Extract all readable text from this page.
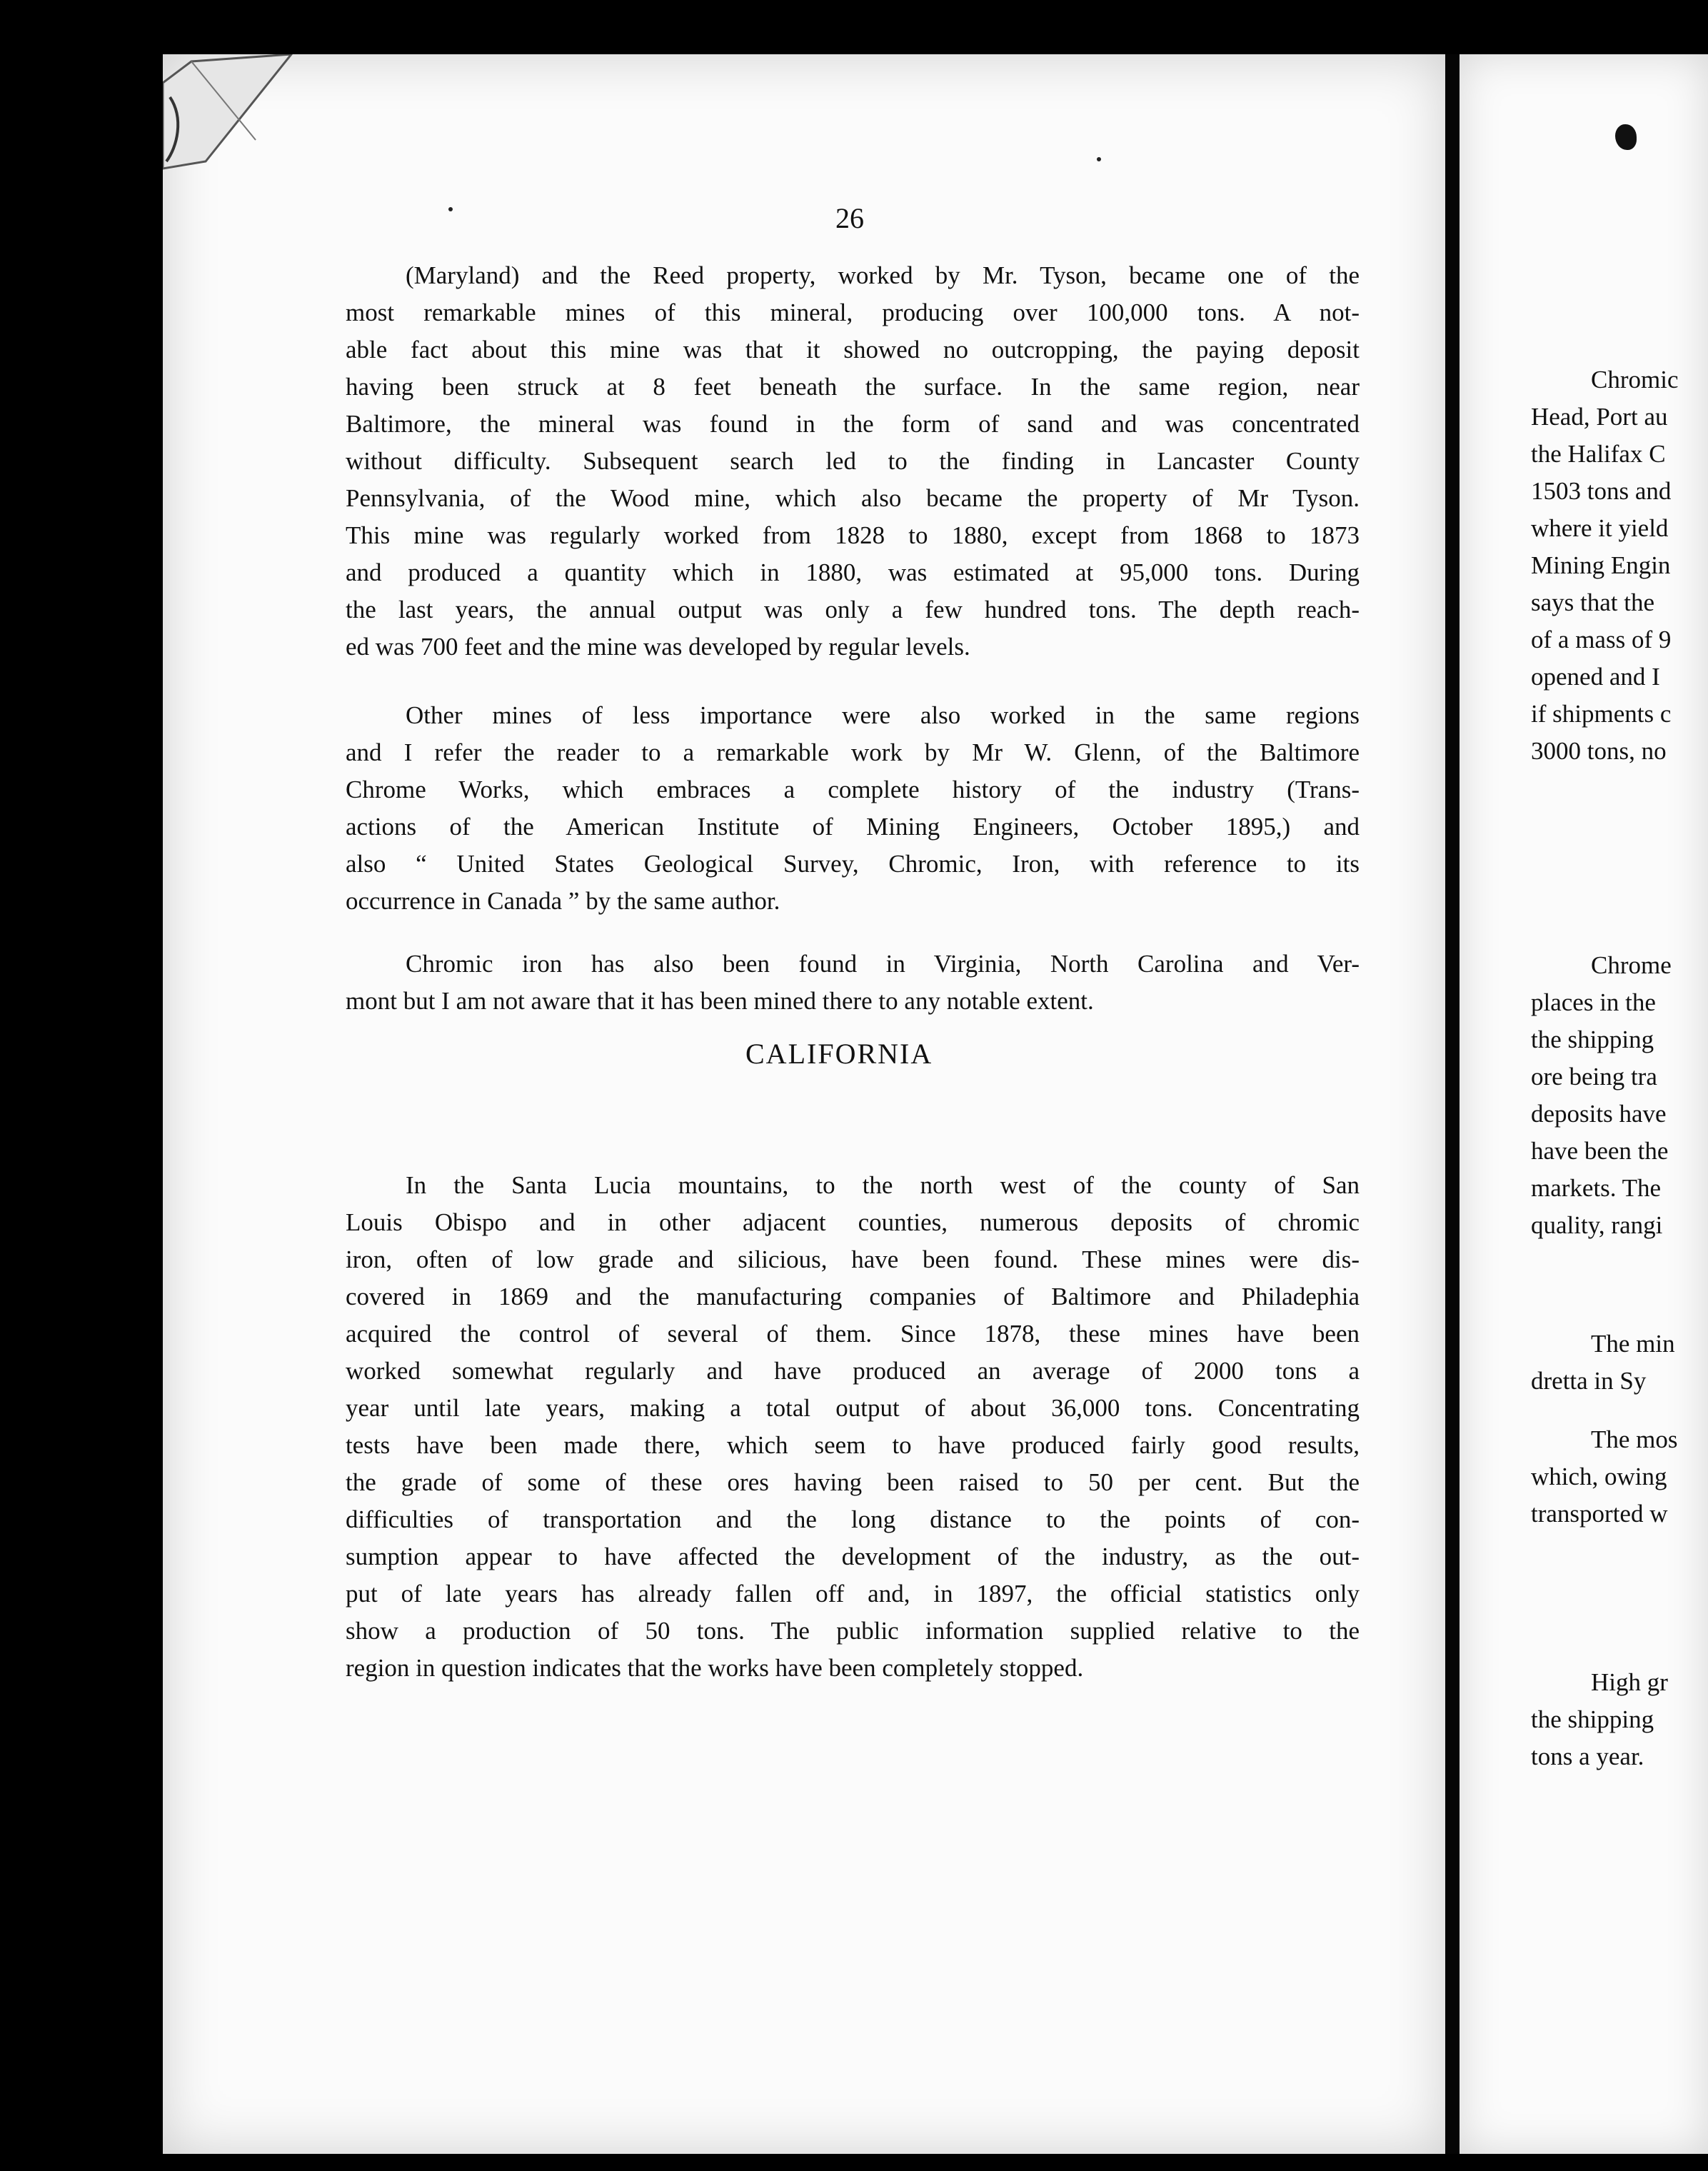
Chromic
Head, Port au
the Halifax C
1503 tons and
where it yield
Mining Engin
says that the
of a mass of 9
opened and I
if shipments c
3000 tons, no
Chrome
places in the
the shipping
ore being tra
deposits have
have been the
markets. The
quality, rangi
The min
dretta in Sy
The mos
which, owing
transported w
High gr
the shipping
tons a year.
26
(Maryland) and the Reed property, worked by Mr. Tyson, became one of the
most remarkable mines of this mineral, producing over 100,000 tons. A not-
able fact about this mine was that it showed no outcropping, the paying deposit
having been struck at 8 feet beneath the surface. In the same region, near
Baltimore, the mineral was found in the form of sand and was concentrated
without difficulty. Subsequent search led to the finding in Lancaster County
Pennsylvania, of the Wood mine, which also became the property of Mr Tyson.
This mine was regularly worked from 1828 to 1880, except from 1868 to 1873
and produced a quantity which in 1880, was estimated at 95,000 tons. During
the last years, the annual output was only a few hundred tons. The depth reach-
ed was 700 feet and the mine was developed by regular levels.
Other mines of less importance were also worked in the same regions
and I refer the reader to a remarkable work by Mr W. Glenn, of the Baltimore
Chrome Works, which embraces a complete history of the industry (Trans-
actions of the American Institute of Mining Engineers, October 1895,) and
also “ United States Geological Survey, Chromic, Iron, with reference to its
occurrence in Canada ” by the same author.
Chromic iron has also been found in Virginia, North Carolina and Ver-
mont but I am not aware that it has been mined there to any notable extent.
CALIFORNIA
In the Santa Lucia mountains, to the north west of the county of San
Louis Obispo and in other adjacent counties, numerous deposits of chromic
iron, often of low grade and silicious, have been found. These mines were dis-
covered in 1869 and the manufacturing companies of Baltimore and Philadephia
acquired the control of several of them. Since 1878, these mines have been
worked somewhat regularly and have produced an average of 2000 tons a
year until late years, making a total output of about 36,000 tons. Concentrating
tests have been made there, which seem to have produced fairly good results,
the grade of some of these ores having been raised to 50 per cent. But the
difficulties of transportation and the long distance to the points of con-
sumption appear to have affected the development of the industry, as the out-
put of late years has already fallen off and, in 1897, the official statistics only
show a production of 50 tons. The public information supplied relative to the
region in question indicates that the works have been completely stopped.
